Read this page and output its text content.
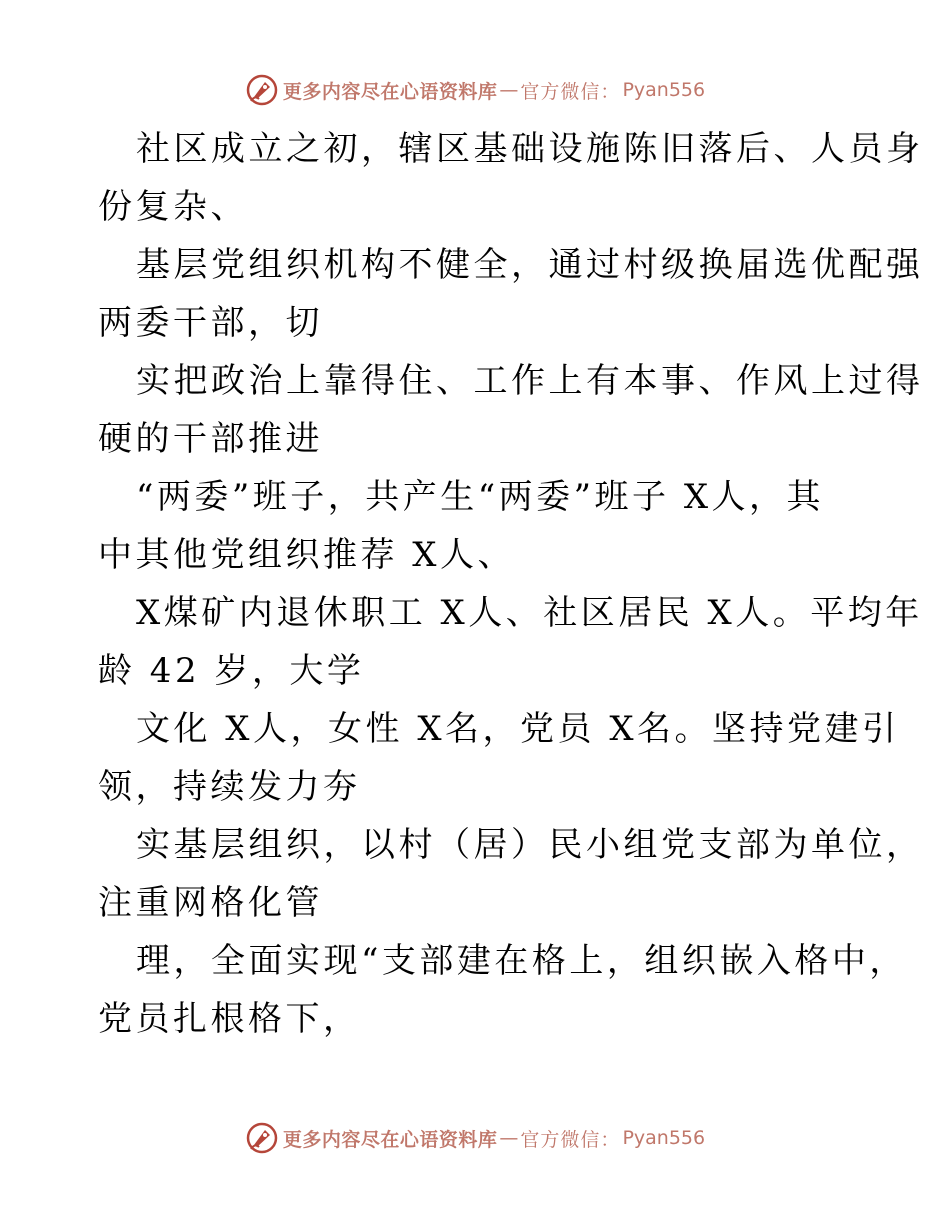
更多内容尽在心语资料库 — 官方微信： Pyan556
社区成立之初，辖区基础设施陈旧落后、人员身
份复杂、
基层党组织机构不健全，通过村级换届选优配强
两委干部，切
实把政治上靠得住、工作上有本事、作风上过得
硬的干部推进
“两委”班子，共产生“两委”班子 X人，其
中其他党组织推荐 X人、
X煤矿内退休职工 X人、社区居民 X人。平均年
龄 42 岁，大学
文化 X人，女性 X名，党员 X名。坚持党建引
领，持续发力夯
实基层组织，以村（居）民小组党支部为单位，
注重网格化管
理，全面实现“支部建在格上，组织嵌入格中，
党员扎根格下，
更多内容尽在心语资料库 — 官方微信： Pyan556
